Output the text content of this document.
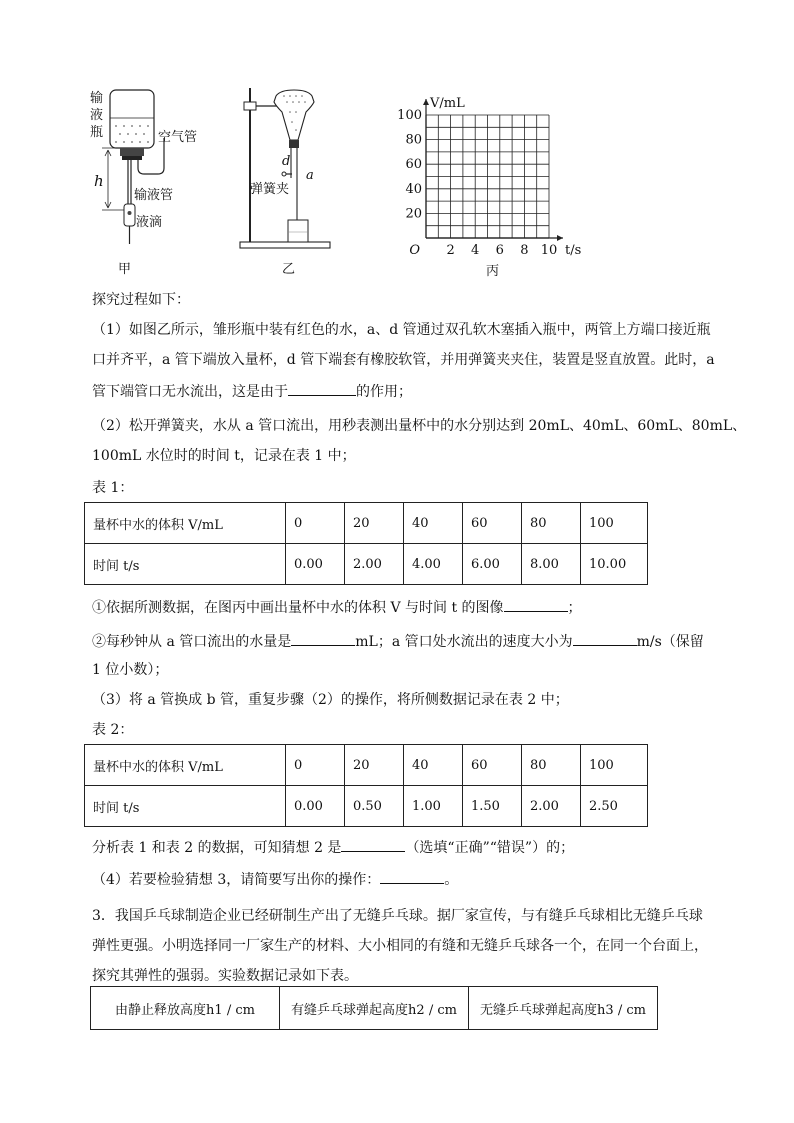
输液瓶	空气管
h
输液管
液滴
甲
d
弹簧夹
a
乙
2 4 6 8 10
20
40
60
80
100
O	t/s
V/mL
丙
探究过程如下：
（1）如图乙所示，雏形瓶中装有红色的水，a、d 管通过双孔软木塞插入瓶中，两管上方端口接近瓶
口并齐平，a 管下端放入量杯，d 管下端套有橡胶软管，并用弹簧夹夹住，装置是竖直放置。此时，a
管下端管口无水流出，这是由于	的作用；
（2）松开弹簧夹，水从 a 管口流出，用秒表测出量杯中的水分别达到 20mL、40mL、60mL、80mL、
100mL 水位时的时间 t，记录在表 1 中；
表 1：
量杯中水的体积 V/mL	0	20	40	60	80	100
时间 t/s	0.00	2.00	4.00	6.00	8.00	10.00
①依据所测数据，在图丙中画出量杯中水的体积 V 与时间 t 的图像	；
②每秒钟从 a 管口流出的水量是	mL；a 管口处水流出的速度大小为	m/s（保留
1 位小数）；
（3）将 a 管换成 b 管，重复步骤（2）的操作，将所侧数据记录在表 2 中；
表 2：
量杯中水的体积 V/mL	0	20	40	60	80	100
时间 t/s	0.00	0.50	1.00	1.50	2.00	2.50
分析表 1 和表 2 的数据，可知猜想 2 是	（选填“正确”“错误”）的；
（4）若要检验猜想 3，请简要写出你的操作：	。
3．我国乒乓球制造企业已经研制生产出了无缝乒乓球。据厂家宣传，与有缝乒乓球相比无缝乒乓球
弹性更强。小明选择同一厂家生产的材料、大小相同的有缝和无缝乒乓球各一个，在同一个台面上，
探究其弹性的强弱。实验数据记录如下表。
由静止释放高度h1 / cm	有缝乒乓球弹起高度h2 / cm	无缝乒乓球弹起高度h3 / cm
